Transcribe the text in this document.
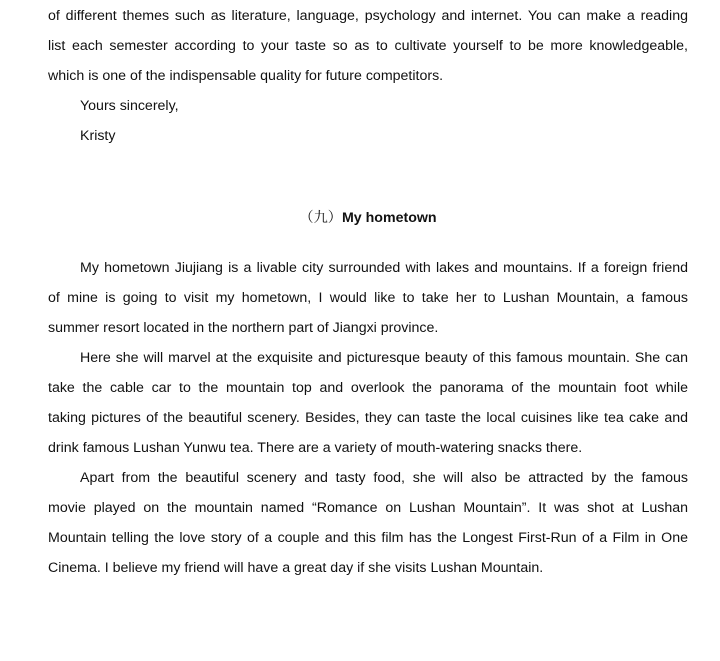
of different themes such as literature, language, psychology and internet. You can make a reading

list each semester according to your taste so as to cultivate yourself to be more knowledgeable,

which is one of the indispensable quality for future competitors.

Yours sincerely,

Kristy

（九）My hometown

My hometown Jiujiang is a livable city surrounded with lakes and mountains. If a foreign friend

of mine is going to visit my hometown, I would like to take her to Lushan Mountain, a famous

summer resort located in the northern part of Jiangxi province.

Here she will marvel at the exquisite and picturesque beauty of this famous mountain. She can

take the cable car to the mountain top and overlook the panorama of the mountain foot while

taking pictures of the beautiful scenery. Besides, they can taste the local cuisines like tea cake and

drink famous Lushan Yunwu tea. There are a variety of mouth-watering snacks there.

Apart from the beautiful scenery and tasty food, she will also be attracted by the famous

movie played on the mountain named “Romance on Lushan Mountain”. It was shot at Lushan

Mountain telling the love story of a couple and this film has the Longest First-Run of a Film in One

Cinema. I believe my friend will have a great day if she visits Lushan Mountain.
